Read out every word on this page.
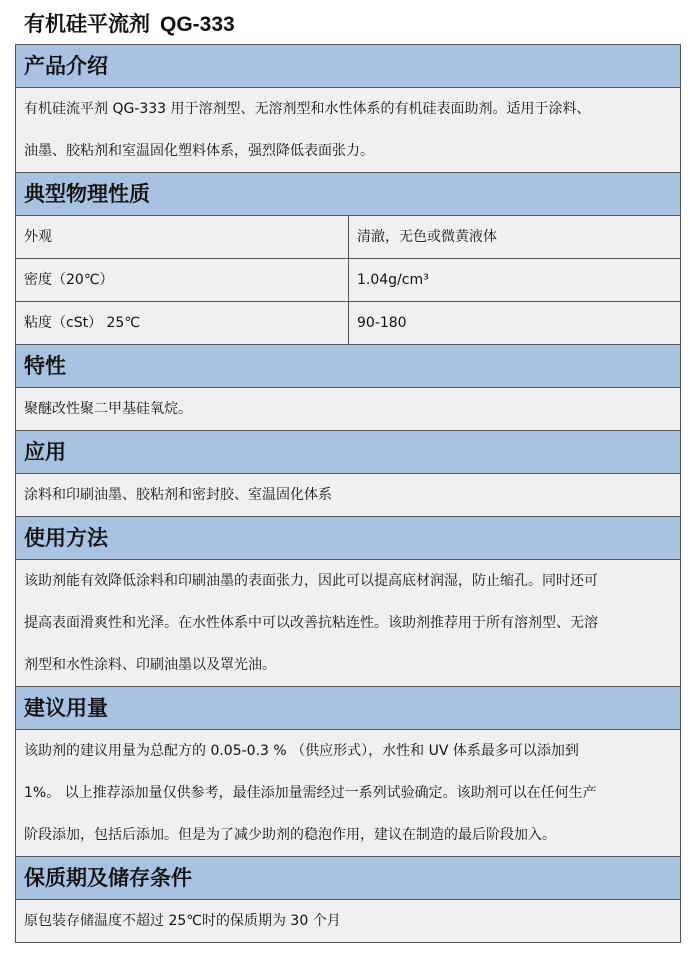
有机硅平流剂 QG-333
产品介绍
有机硅流平剂 QG-333 用于溶剂型、无溶剂型和水性体系的有机硅表面助剂。适用于涂料、
油墨、胶粘剂和室温固化塑料体系，强烈降低表面张力。
典型物理性质
外观	清澈，无色或微黄液体
密度（20℃）	1.04g/cm³
粘度（cSt） 25℃	90-180
特性
聚醚改性聚二甲基硅氧烷。
应用
涂料和印刷油墨、胶粘剂和密封胶、室温固化体系
使用方法
该助剂能有效降低涂料和印刷油墨的表面张力，因此可以提高底材润湿，防止缩孔。同时还可
提高表面滑爽性和光泽。在水性体系中可以改善抗粘连性。该助剂推荐用于所有溶剂型、无溶
剂型和水性涂料、印刷油墨以及罩光油。
建议用量
该助剂的建议用量为总配方的 0.05-0.3 % （供应形式），水性和 UV 体系最多可以添加到
1%。 以上推荐添加量仅供参考，最佳添加量需经过一系列试验确定。该助剂可以在任何生产
阶段添加，包括后添加。但是为了减少助剂的稳泡作用，建议在制造的最后阶段加入。
保质期及储存条件
原包装存储温度不超过 25℃时的保质期为 30 个月
